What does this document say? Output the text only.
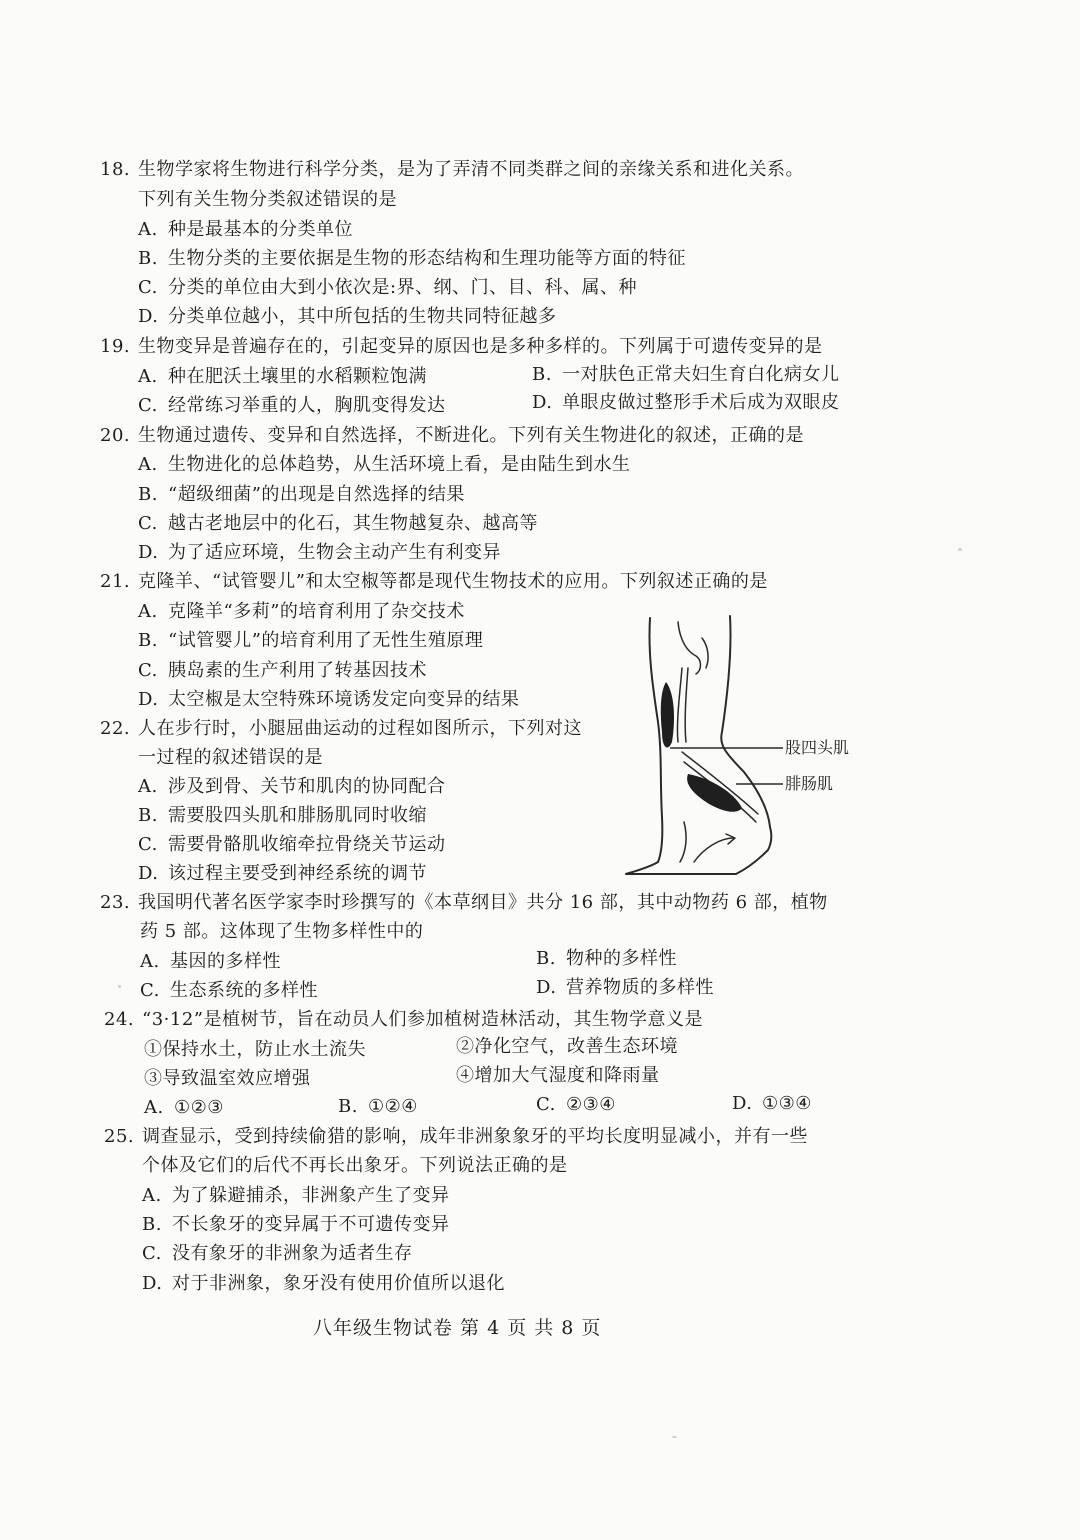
18. 生物学家将生物进行科学分类，是为了弄清不同类群之间的亲缘关系和进化关系。
下列有关生物分类叙述错误的是
A. 种是最基本的分类单位
B. 生物分类的主要依据是生物的形态结构和生理功能等方面的特征
C. 分类的单位由大到小依次是:界、纲、门、目、科、属、种
D. 分类单位越小，其中所包括的生物共同特征越多
19. 生物变异是普遍存在的，引起变异的原因也是多种多样的。下列属于可遗传变异的是
A. 种在肥沃土壤里的水稻颗粒饱满	B. 一对肤色正常夫妇生育白化病女儿
C. 经常练习举重的人，胸肌变得发达	D. 单眼皮做过整形手术后成为双眼皮
20. 生物通过遗传、变异和自然选择，不断进化。下列有关生物进化的叙述，正确的是
A. 生物进化的总体趋势，从生活环境上看，是由陆生到水生
B. “超级细菌”的出现是自然选择的结果
C. 越古老地层中的化石，其生物越复杂、越高等
D. 为了适应环境，生物会主动产生有利变异
21. 克隆羊、“试管婴儿”和太空椒等都是现代生物技术的应用。下列叙述正确的是
A. 克隆羊“多莉”的培育利用了杂交技术
B. “试管婴儿”的培育利用了无性生殖原理
C. 胰岛素的生产利用了转基因技术
D. 太空椒是太空特殊环境诱发定向变异的结果
22. 人在步行时，小腿屈曲运动的过程如图所示，下列对这
一过程的叙述错误的是
A. 涉及到骨、关节和肌肉的协同配合
B. 需要股四头肌和腓肠肌同时收缩
C. 需要骨骼肌收缩牵拉骨绕关节运动
D. 该过程主要受到神经系统的调节
股四头肌
腓肠肌
23. 我国明代著名医学家李时珍撰写的《本草纲目》共分 16 部，其中动物药 6 部，植物
药 5 部。这体现了生物多样性中的
A. 基因的多样性	B. 物种的多样性
C. 生态系统的多样性	D. 营养物质的多样性
24. “3·12”是植树节，旨在动员人们参加植树造林活动，其生物学意义是
①保持水土，防止水土流失	②净化空气，改善生态环境
③导致温室效应增强	④增加大气湿度和降雨量
A. ①②③	B. ①②④	C. ②③④	D. ①③④
25. 调查显示，受到持续偷猎的影响，成年非洲象象牙的平均长度明显减小，并有一些
个体及它们的后代不再长出象牙。下列说法正确的是
A. 为了躲避捕杀，非洲象产生了变异
B. 不长象牙的变异属于不可遗传变异
C. 没有象牙的非洲象为适者生存
D. 对于非洲象，象牙没有使用价值所以退化
八年级生物试卷 第 4 页 共 8 页
